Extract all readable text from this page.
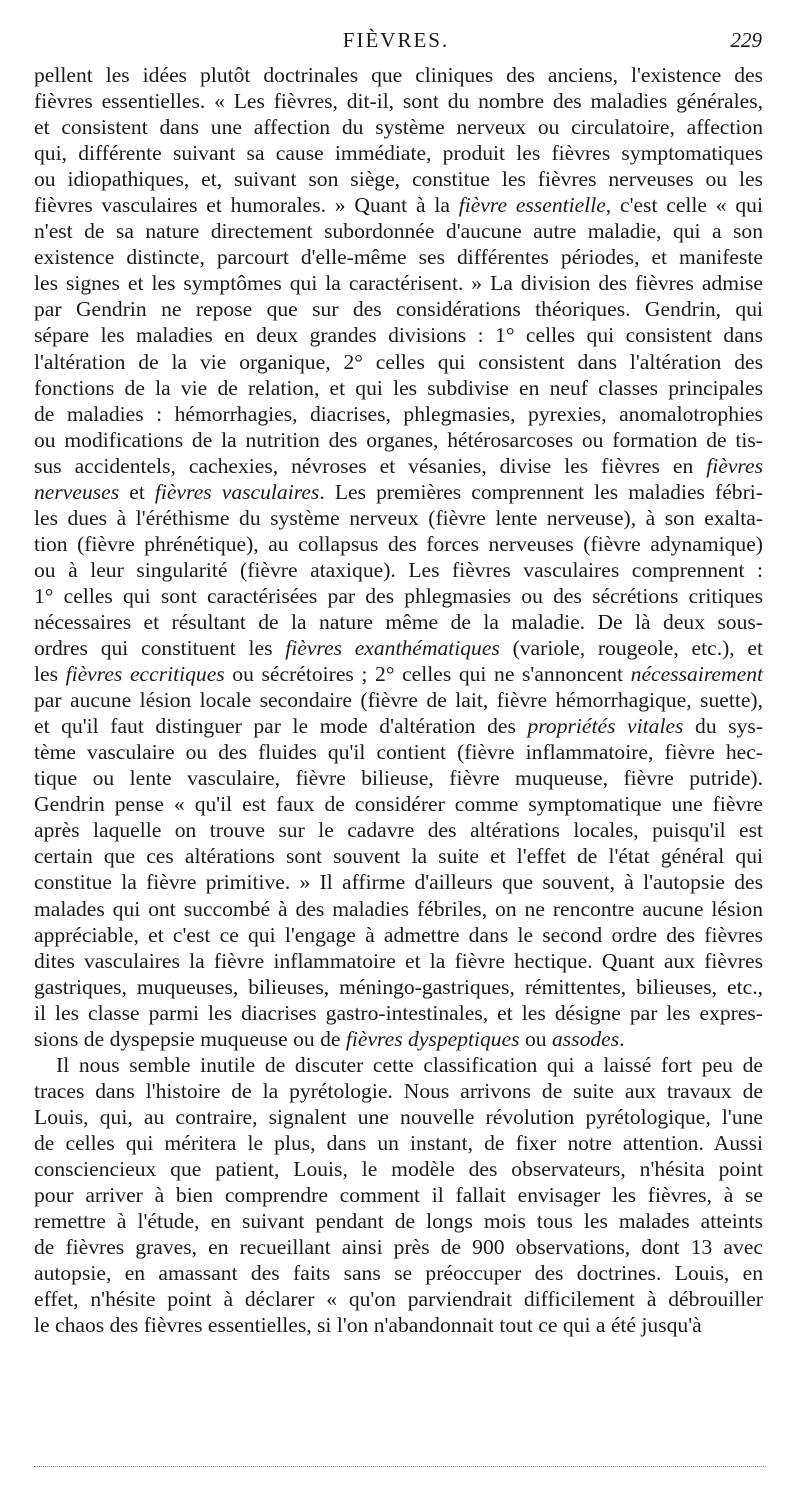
FIÈVRES.	229

pellent les idées plutôt doctrinales que cliniques des anciens, l'existence des

fièvres essentielles. « Les fièvres, dit-il, sont du nombre des maladies générales,

et consistent dans une affection du système nerveux ou circulatoire, affection

qui, différente suivant sa cause immédiate, produit les fièvres symptomatiques

ou idiopathiques, et, suivant son siège, constitue les fièvres nerveuses ou les

fièvres vasculaires et humorales. » Quant à la fièvre essentielle, c'est celle « qui

n'est de sa nature directement subordonnée d'aucune autre maladie, qui a son

existence distincte, parcourt d'elle-même ses différentes périodes, et manifeste

les signes et les symptômes qui la caractérisent. » La division des fièvres admise

par Gendrin ne repose que sur des considérations théoriques. Gendrin, qui

sépare les maladies en deux grandes divisions : 1° celles qui consistent dans

l'altération de la vie organique, 2° celles qui consistent dans l'altération des

fonctions de la vie de relation, et qui les subdivise en neuf classes principales

de maladies : hémorrhagies, diacrises, phlegmasies, pyrexies, anomalotrophies

ou modifications de la nutrition des organes, hétérosarcoses ou formation de tis-

sus accidentels, cachexies, névroses et vésanies, divise les fièvres en fièvres

nerveuses et fièvres vasculaires. Les premières comprennent les maladies fébri-

les dues à l'éréthisme du système nerveux (fièvre lente nerveuse), à son exalta-

tion (fièvre phrénétique), au collapsus des forces nerveuses (fièvre adynamique)

ou à leur singularité (fièvre ataxique). Les fièvres vasculaires comprennent :

1° celles qui sont caractérisées par des phlegmasies ou des sécrétions critiques

nécessaires et résultant de la nature même de la maladie. De là deux sous-

ordres qui constituent les fièvres exanthématiques (variole, rougeole, etc.), et

les fièvres eccritiques ou sécrétoires ; 2° celles qui ne s'annoncent nécessairement

par aucune lésion locale secondaire (fièvre de lait, fièvre hémorrhagique, suette),

et qu'il faut distinguer par le mode d'altération des propriétés vitales du sys-

tème vasculaire ou des fluides qu'il contient (fièvre inflammatoire, fièvre hec-

tique ou lente vasculaire, fièvre bilieuse, fièvre muqueuse, fièvre putride).

Gendrin pense « qu'il est faux de considérer comme symptomatique une fièvre

après laquelle on trouve sur le cadavre des altérations locales, puisqu'il est

certain que ces altérations sont souvent la suite et l'effet de l'état général qui

constitue la fièvre primitive. » Il affirme d'ailleurs que souvent, à l'autopsie des

malades qui ont succombé à des maladies fébriles, on ne rencontre aucune lésion

appréciable, et c'est ce qui l'engage à admettre dans le second ordre des fièvres

dites vasculaires la fièvre inflammatoire et la fièvre hectique. Quant aux fièvres

gastriques, muqueuses, bilieuses, méningo-gastriques, rémittentes, bilieuses, etc.,

il les classe parmi les diacrises gastro-intestinales, et les désigne par les expres-

sions de dyspepsie muqueuse ou de fièvres dyspeptiques ou assodes.

Il nous semble inutile de discuter cette classification qui a laissé fort peu de

traces dans l'histoire de la pyrétologie. Nous arrivons de suite aux travaux de

Louis, qui, au contraire, signalent une nouvelle révolution pyrétologique, l'une

de celles qui méritera le plus, dans un instant, de fixer notre attention. Aussi

consciencieux que patient, Louis, le modèle des observateurs, n'hésita point

pour arriver à bien comprendre comment il fallait envisager les fièvres, à se

remettre à l'étude, en suivant pendant de longs mois tous les malades atteints

de fièvres graves, en recueillant ainsi près de 900 observations, dont 13 avec

autopsie, en amassant des faits sans se préoccuper des doctrines. Louis, en

effet, n'hésite point à déclarer « qu'on parviendrait difficilement à débrouiller

le chaos des fièvres essentielles, si l'on n'abandonnait tout ce qui a été jusqu'à
